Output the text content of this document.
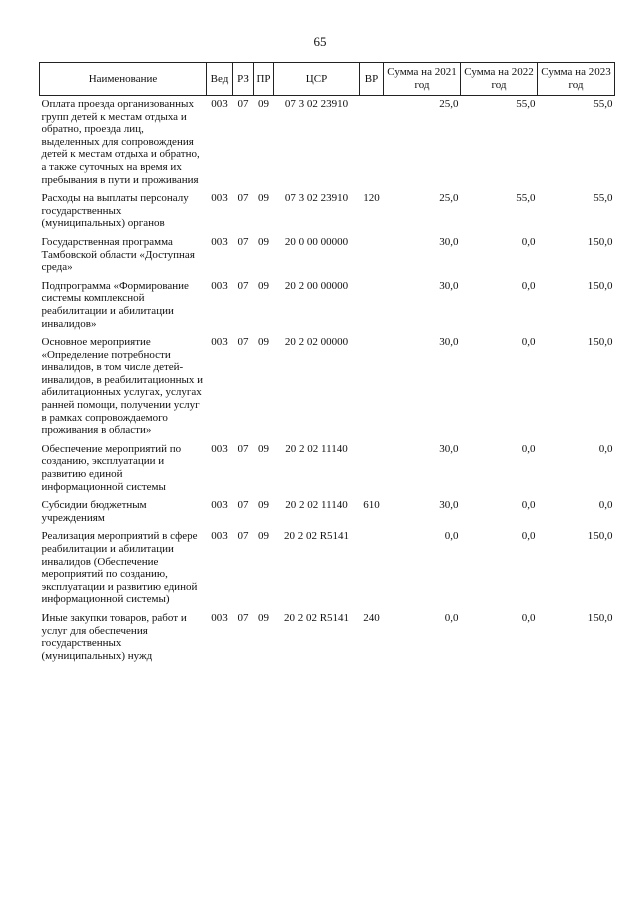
65
Наименование	Вед	РЗ	ПР	ЦСР	ВР	Сумма на 2021 год	Сумма на 2022 год	Сумма на 2023 год
Оплата проезда организованных групп детей к местам отдыха и обратно, проезда лиц, выделенных для сопровождения детей к местам отдыха и обратно, а также суточных на время их пребывания в пути и проживания	003	07	09	07 3 02 23910		25,0	55,0	55,0
Расходы на выплаты персоналу государственных (муниципальных) органов	003	07	09	07 3 02 23910	120	25,0	55,0	55,0
Государственная программа Тамбовской области «Доступная среда»	003	07	09	20 0 00 00000		30,0	0,0	150,0
Подпрограмма «Формирование системы комплексной реабилитации и абилитации инвалидов»	003	07	09	20 2 00 00000		30,0	0,0	150,0
Основное мероприятие «Определение потребности инвалидов, в том числе детей-инвалидов, в реабилитационных и абилитационных услугах, услугах ранней помощи, получении услуг в рамках сопровождаемого проживания в области»	003	07	09	20 2 02 00000		30,0	0,0	150,0
Обеспечение мероприятий по созданию, эксплуатации и развитию единой информационной системы	003	07	09	20 2 02 11140		30,0	0,0	0,0
Субсидии бюджетным учреждениям	003	07	09	20 2 02 11140	610	30,0	0,0	0,0
Реализация мероприятий в сфере реабилитации и абилитации инвалидов (Обеспечение мероприятий по созданию, эксплуатации и развитию единой информационной системы)	003	07	09	20 2 02 R5141		0,0	0,0	150,0
Иные закупки товаров, работ и услуг для обеспечения государственных (муниципальных) нужд	003	07	09	20 2 02 R5141	240	0,0	0,0	150,0
